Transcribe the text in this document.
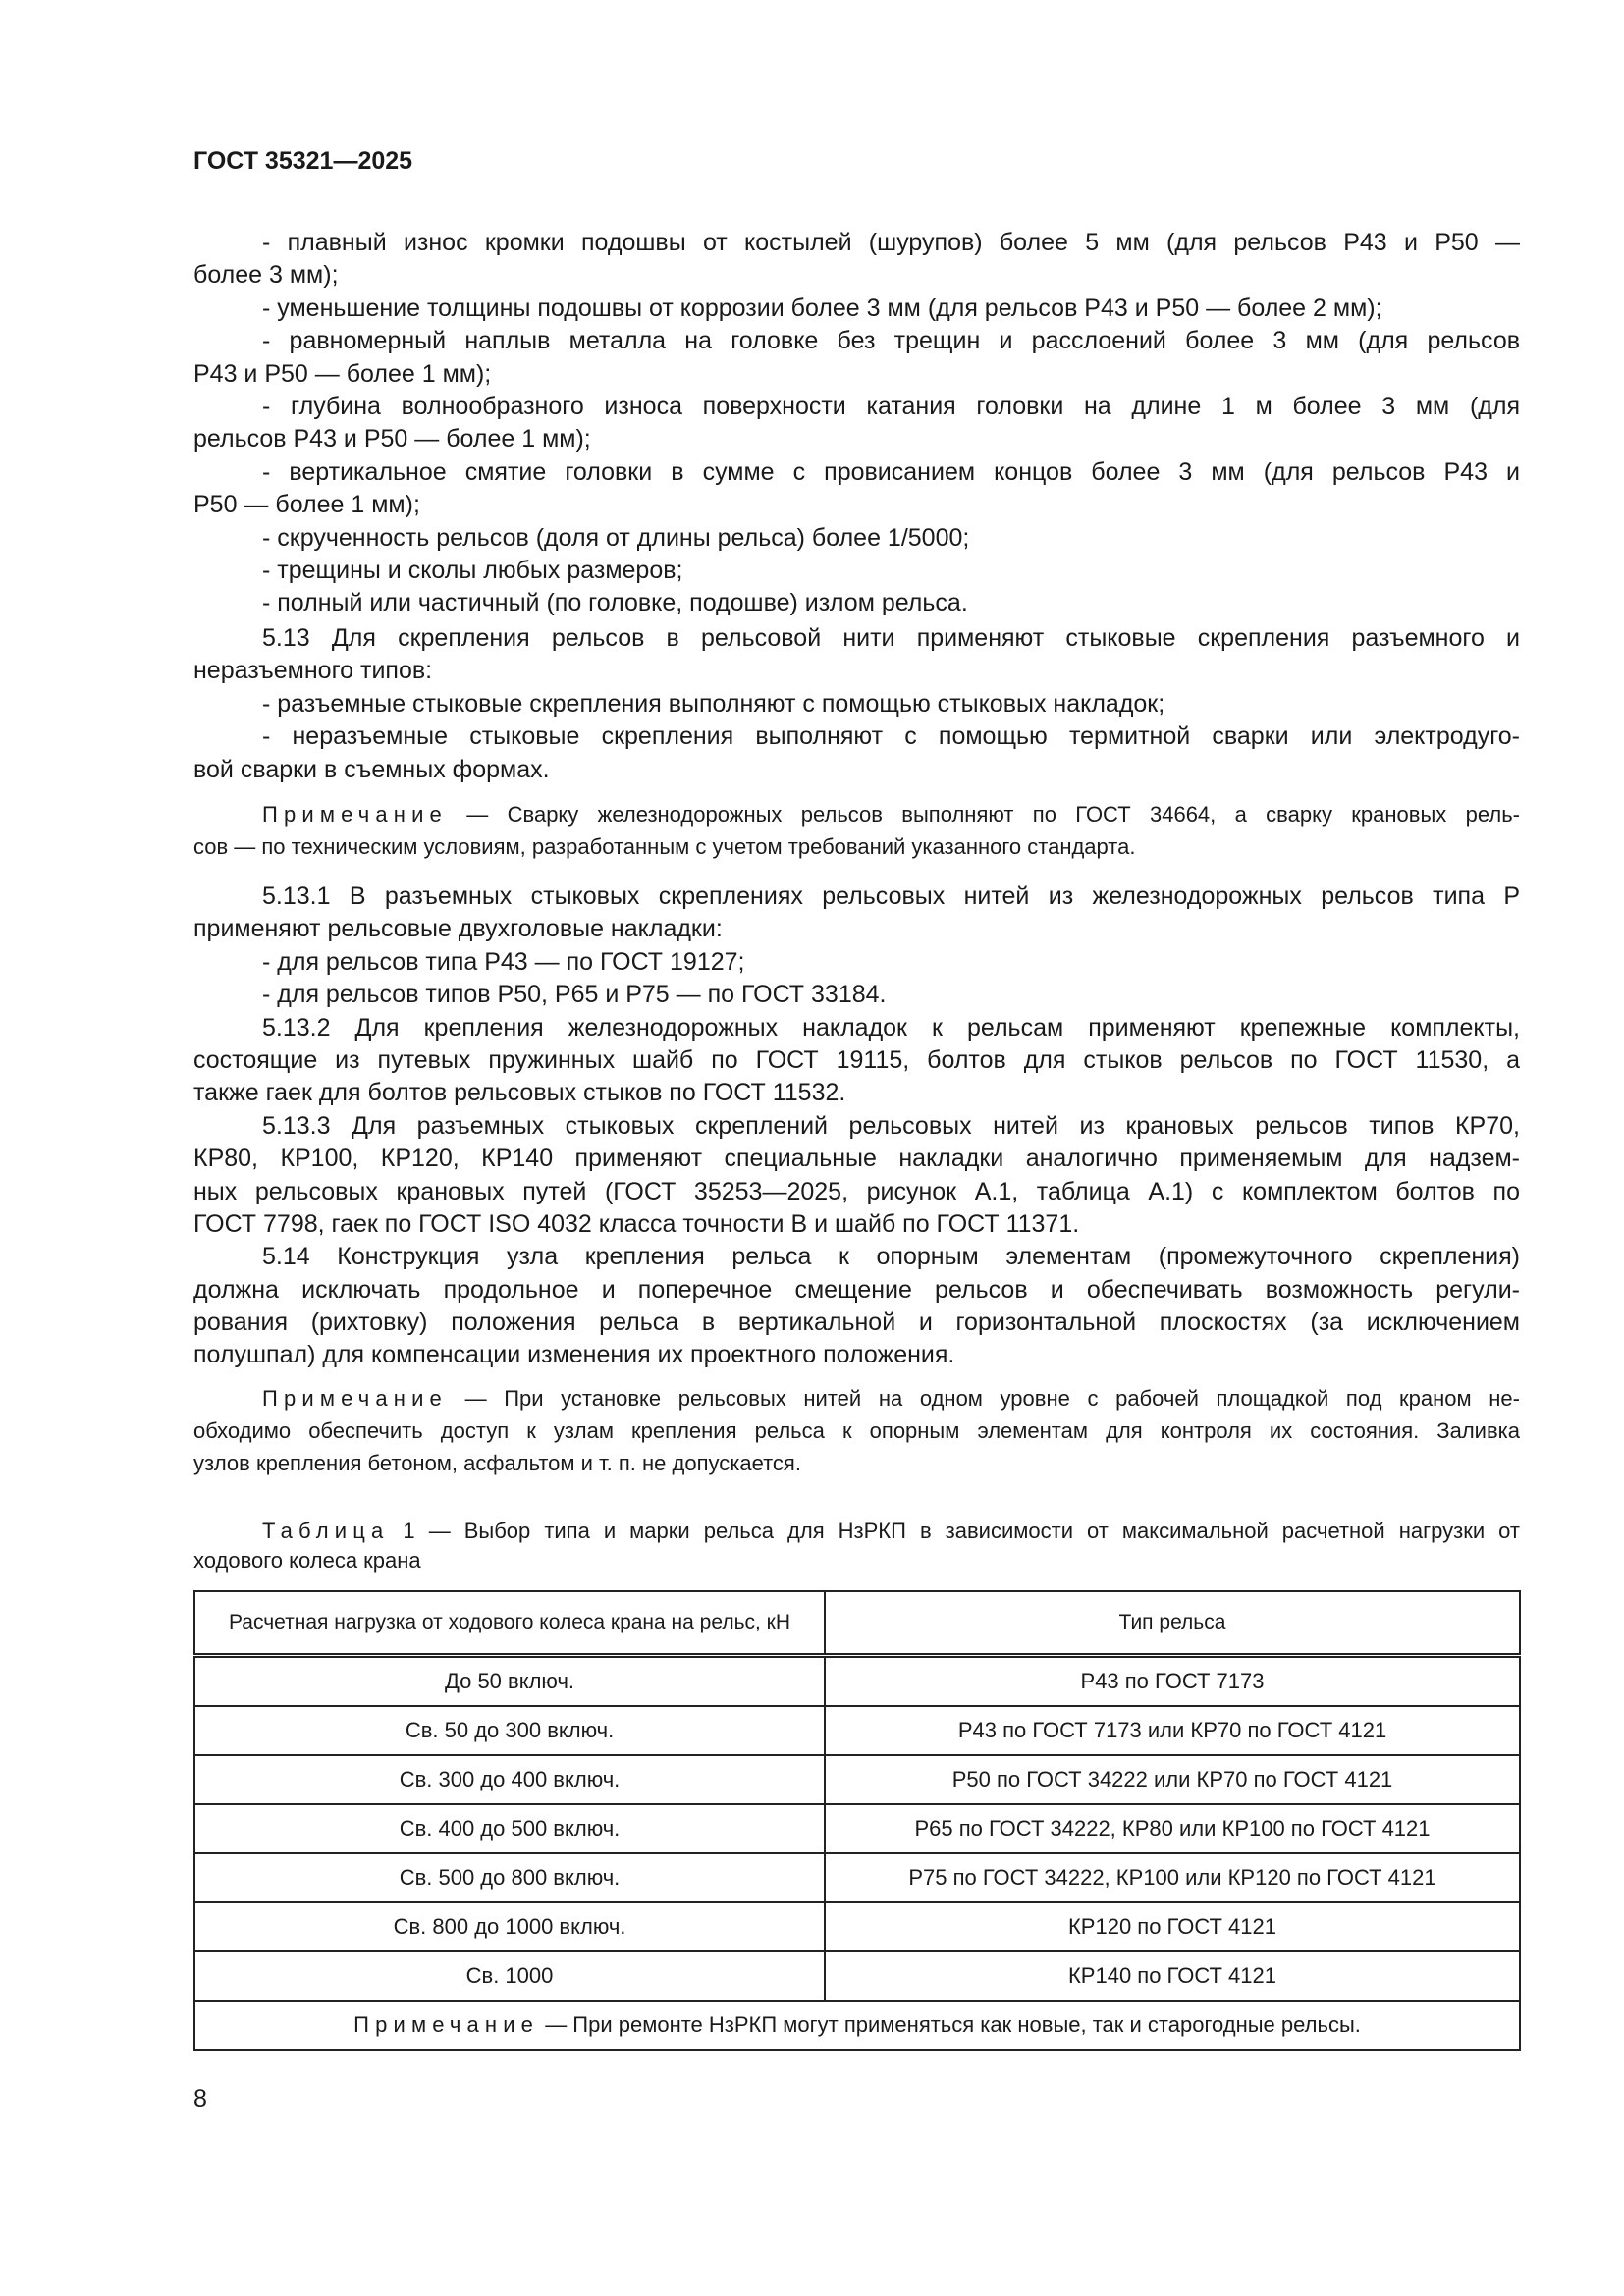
ГОСТ 35321—2025
- плавный износ кромки подошвы от костылей (шурупов) более 5 мм (для рельсов Р43 и Р50 —
более 3 мм);
- уменьшение толщины подошвы от коррозии более 3 мм (для рельсов Р43 и Р50 — более 2 мм);
- равномерный наплыв металла на головке без трещин и расслоений более 3 мм (для рельсов
Р43 и Р50 — более 1 мм);
- глубина волнообразного износа поверхности катания головки на длине 1 м более 3 мм (для
рельсов Р43 и Р50 — более 1 мм);
- вертикальное смятие головки в сумме с провисанием концов более 3 мм (для рельсов Р43 и
Р50 — более 1 мм);
- скрученность рельсов (доля от длины рельса) более 1/5000;
- трещины и сколы любых размеров;
- полный или частичный (по головке, подошве) излом рельса.
5.13 Для скрепления рельсов в рельсовой нити применяют стыковые скрепления разъемного и
неразъемного типов:
- разъемные стыковые скрепления выполняют с помощью стыковых накладок;
- неразъемные стыковые скрепления выполняют с помощью термитной сварки или электродуго-
вой сварки в съемных формах.
Примечание — Сварку железнодорожных рельсов выполняют по ГОСТ 34664, а сварку крановых рель-
сов — по техническим условиям, разработанным с учетом требований указанного стандарта.
5.13.1 В разъемных стыковых скреплениях рельсовых нитей из железнодорожных рельсов типа Р
применяют рельсовые двухголовые накладки:
- для рельсов типа Р43 — по ГОСТ 19127;
- для рельсов типов Р50, Р65 и Р75 — по ГОСТ 33184.
5.13.2 Для крепления железнодорожных накладок к рельсам применяют крепежные комплекты,
состоящие из путевых пружинных шайб по ГОСТ 19115, болтов для стыков рельсов по ГОСТ 11530, а
также гаек для болтов рельсовых стыков по ГОСТ 11532.
5.13.3 Для разъемных стыковых скреплений рельсовых нитей из крановых рельсов типов КР70,
КР80, КР100, КР120, КР140 применяют специальные накладки аналогично применяемым для надзем-
ных рельсовых крановых путей (ГОСТ 35253—2025, рисунок А.1, таблица А.1) с комплектом болтов по
ГОСТ 7798, гаек по ГОСТ ISO 4032 класса точности В и шайб по ГОСТ 11371.
5.14 Конструкция узла крепления рельса к опорным элементам (промежуточного скрепления)
должна исключать продольное и поперечное смещение рельсов и обеспечивать возможность регули-
рования (рихтовку) положения рельса в вертикальной и горизонтальной плоскостях (за исключением
полушпал) для компенсации изменения их проектного положения.
Примечание — При установке рельсовых нитей на одном уровне с рабочей площадкой под краном не-
обходимо обеспечить доступ к узлам крепления рельса к опорным элементам для контроля их состояния. Заливка
узлов крепления бетоном, асфальтом и т. п. не допускается.
Таблица 1 — Выбор типа и марки рельса для НзРКП в зависимости от максимальной расчетной нагрузки от
ходового колеса крана
Расчетная нагрузка от ходового колеса крана на рельс, кН	Тип рельса
До 50 включ.	Р43 по ГОСТ 7173
Св. 50 до 300 включ.	Р43 по ГОСТ 7173 или КР70 по ГОСТ 4121
Св. 300 до 400 включ.	Р50 по ГОСТ 34222 или КР70 по ГОСТ 4121
Св. 400 до 500 включ.	Р65 по ГОСТ 34222, КР80 или КР100 по ГОСТ 4121
Св. 500 до 800 включ.	Р75 по ГОСТ 34222, КР100 или КР120 по ГОСТ 4121
Св. 800 до 1000 включ.	КР120 по ГОСТ 4121
Св. 1000	КР140 по ГОСТ 4121
Примечание — При ремонте НзРКП могут применяться как новые, так и старогодные рельсы.	
8
